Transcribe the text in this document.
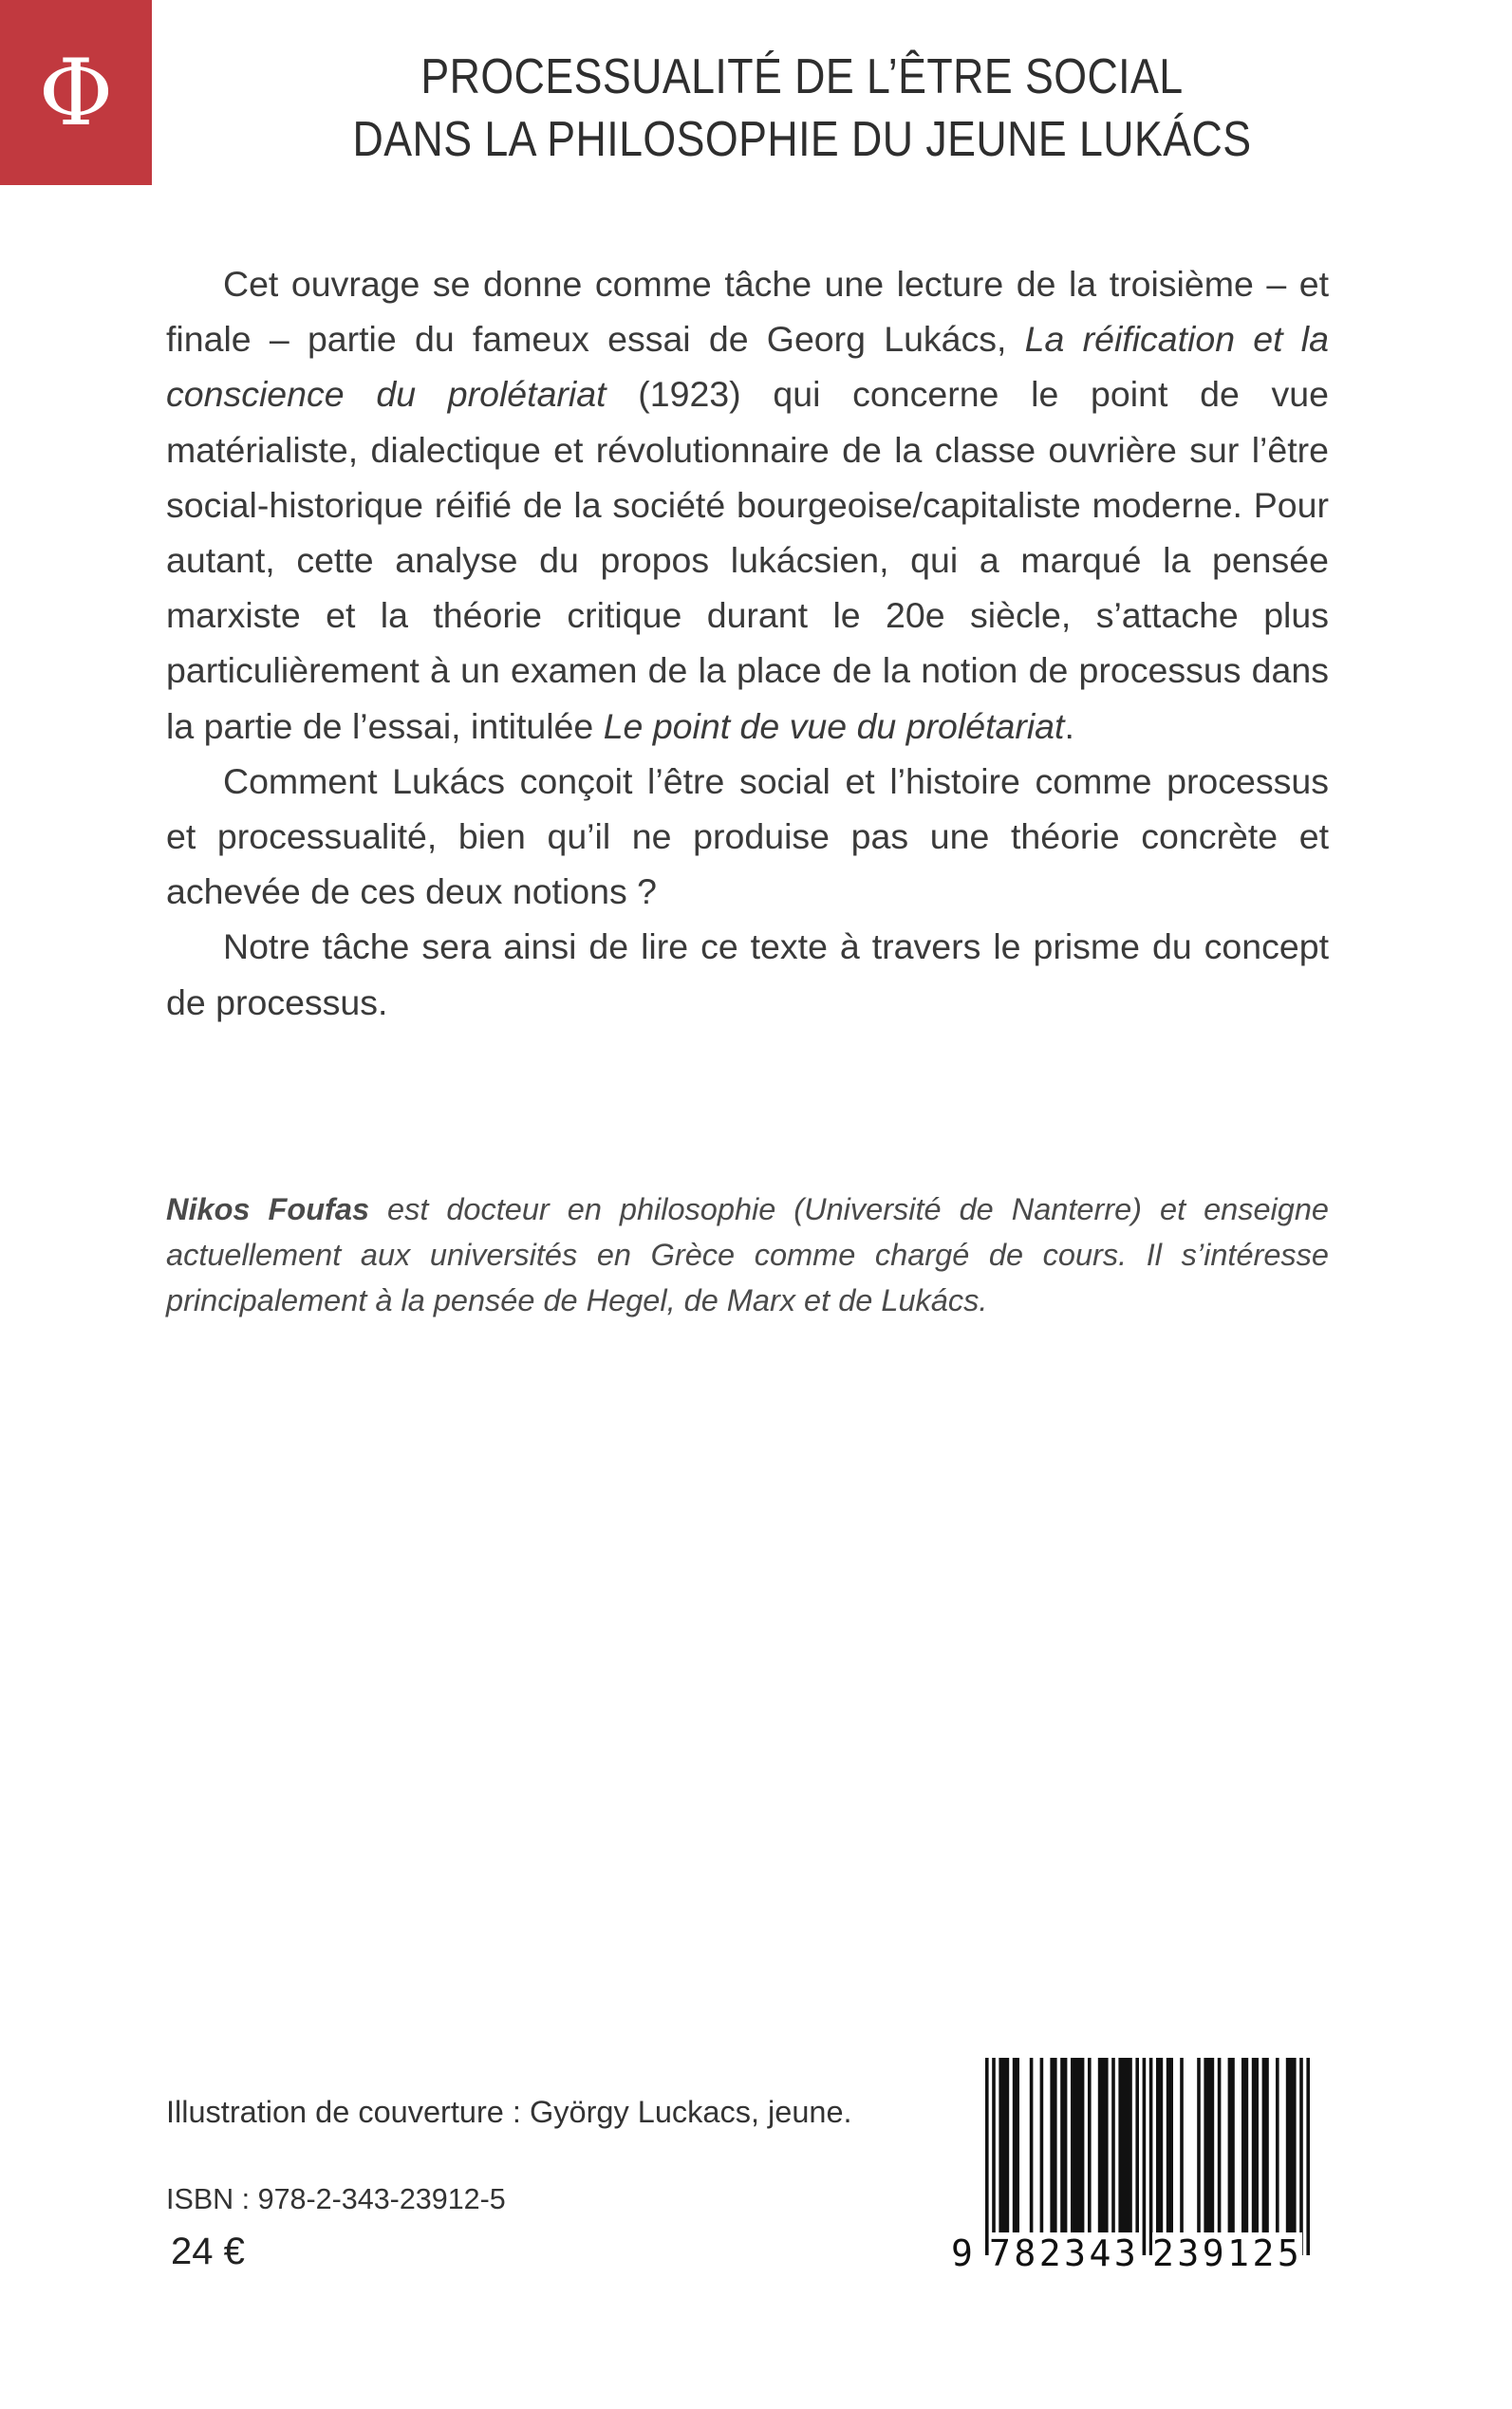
Φ	PROCESSUALITÉ DE L’ÊTRE SOCIAL
DANS LA PHILOSOPHIE DU JEUNE LUKÁCS

Cet ouvrage se donne comme tâche une lecture de la troisième – et finale – partie du fameux essai de Georg Lukács, La réification et la conscience du prolétariat (1923) qui concerne le point de vue matérialiste, dialectique et révolutionnaire de la classe ouvrière sur l’être social-historique réifié de la société bourgeoise/capitaliste moderne. Pour autant, cette analyse du propos lukácsien, qui a marqué la pensée marxiste et la théorie critique durant le 20e siècle, s’attache plus particulièrement à un examen de la place de la notion de processus dans la partie de l’essai, intitulée Le point de vue du prolétariat.

Comment Lukács conçoit l’être social et l’histoire comme processus et processualité, bien qu’il ne produise pas une théorie concrète et achevée de ces deux notions ?

Notre tâche sera ainsi de lire ce texte à travers le prisme du concept de processus.

Nikos Foufas est docteur en philosophie (Université de Nanterre) et enseigne actuellement aux universités en Grèce comme chargé de cours. Il s’intéresse principalement à la pensée de Hegel, de Marx et de Lukács.
Illustration de couverture : György Luckacs, jeune.
ISBN : 978-2-343-23912-5
24 €	9 782343 239125
